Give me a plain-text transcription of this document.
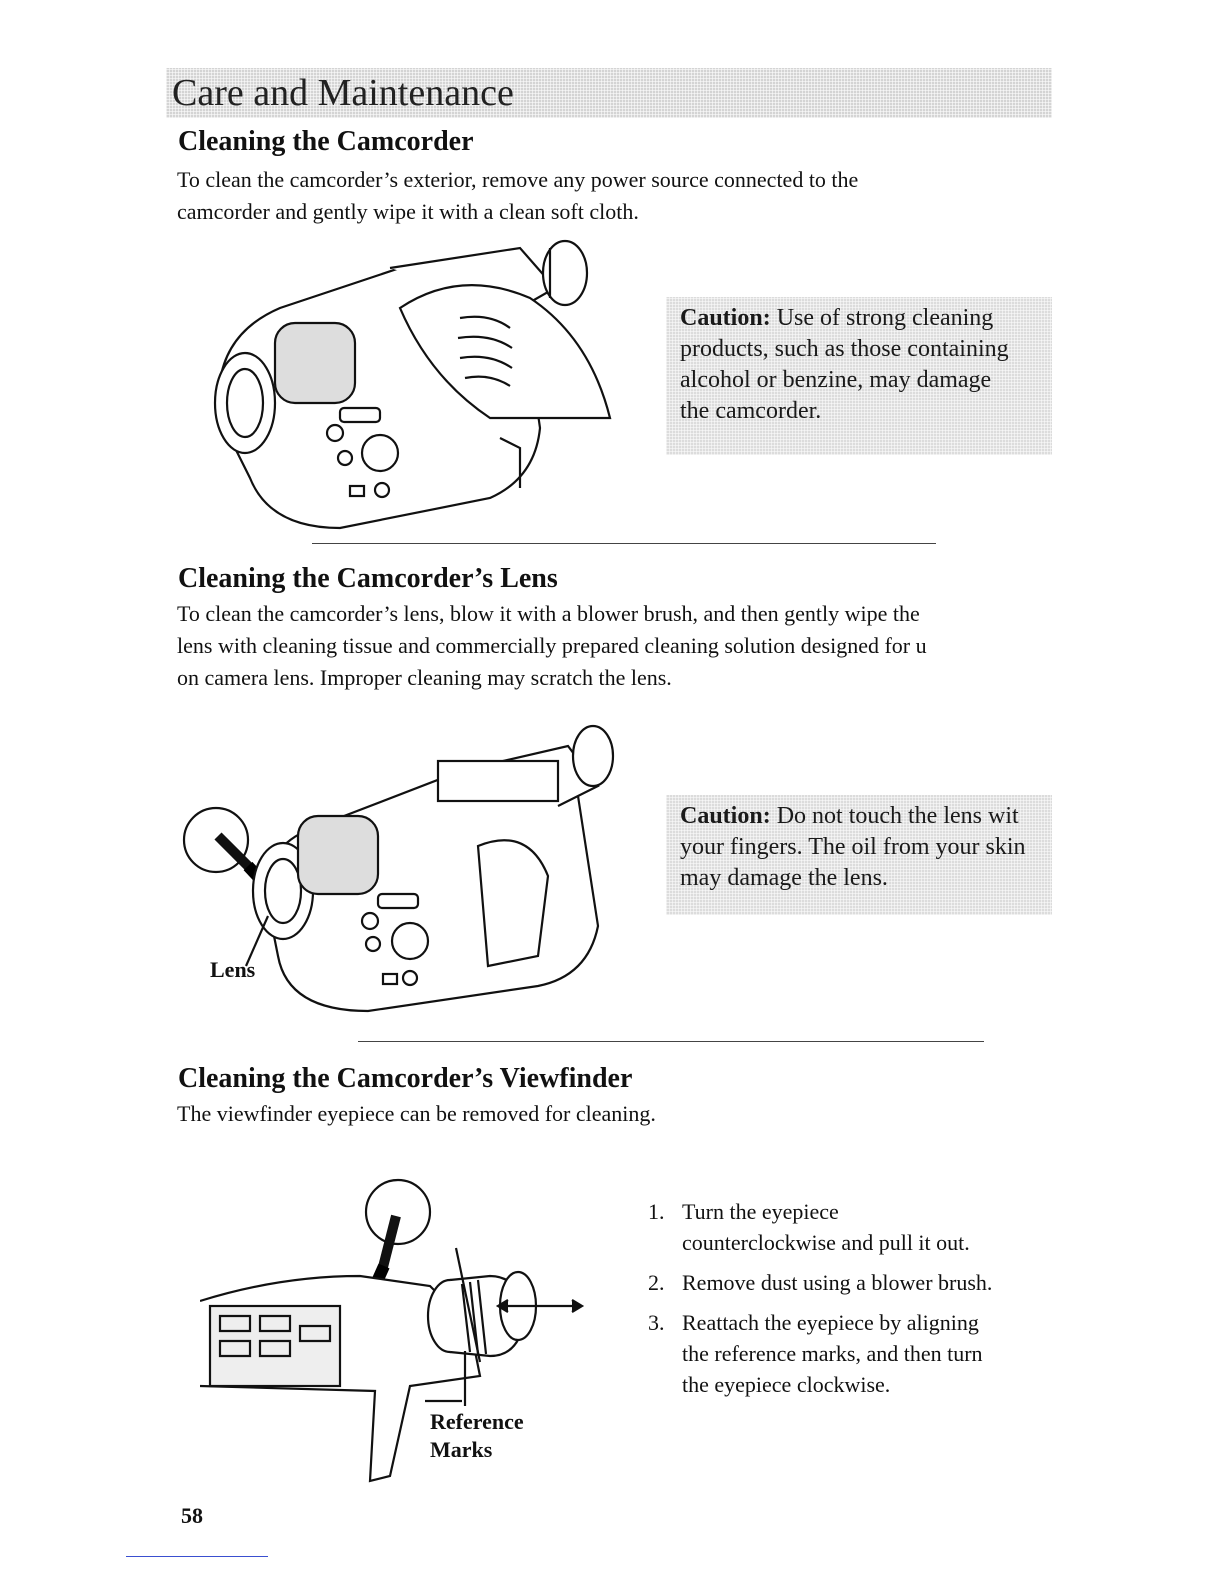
Care and Maintenance
Cleaning the Camcorder
To clean the camcorder’s exterior, remove any power source connected to the
camcorder and gently wipe it with a clean soft cloth.
Caution: Use of strong cleaning
products, such as those containing
alcohol or benzine, may damage
the camcorder.
Cleaning the Camcorder’s Lens
To clean the camcorder’s lens, blow it with a blower brush, and then gently wipe the
lens with cleaning tissue and commercially prepared cleaning solution designed for u
on camera lens. Improper cleaning may scratch the lens.
Lens
Caution: Do not touch the lens wit
your fingers. The oil from your skin
may damage the lens.
Cleaning the Camcorder’s Viewfinder
The viewfinder eyepiece can be removed for cleaning.
Reference
Marks
1. Turn the eyepiece
counterclockwise and pull it out.
2. Remove dust using a blower brush.
3. Reattach the eyepiece by aligning
the reference marks, and then turn
the eyepiece clockwise.
58
